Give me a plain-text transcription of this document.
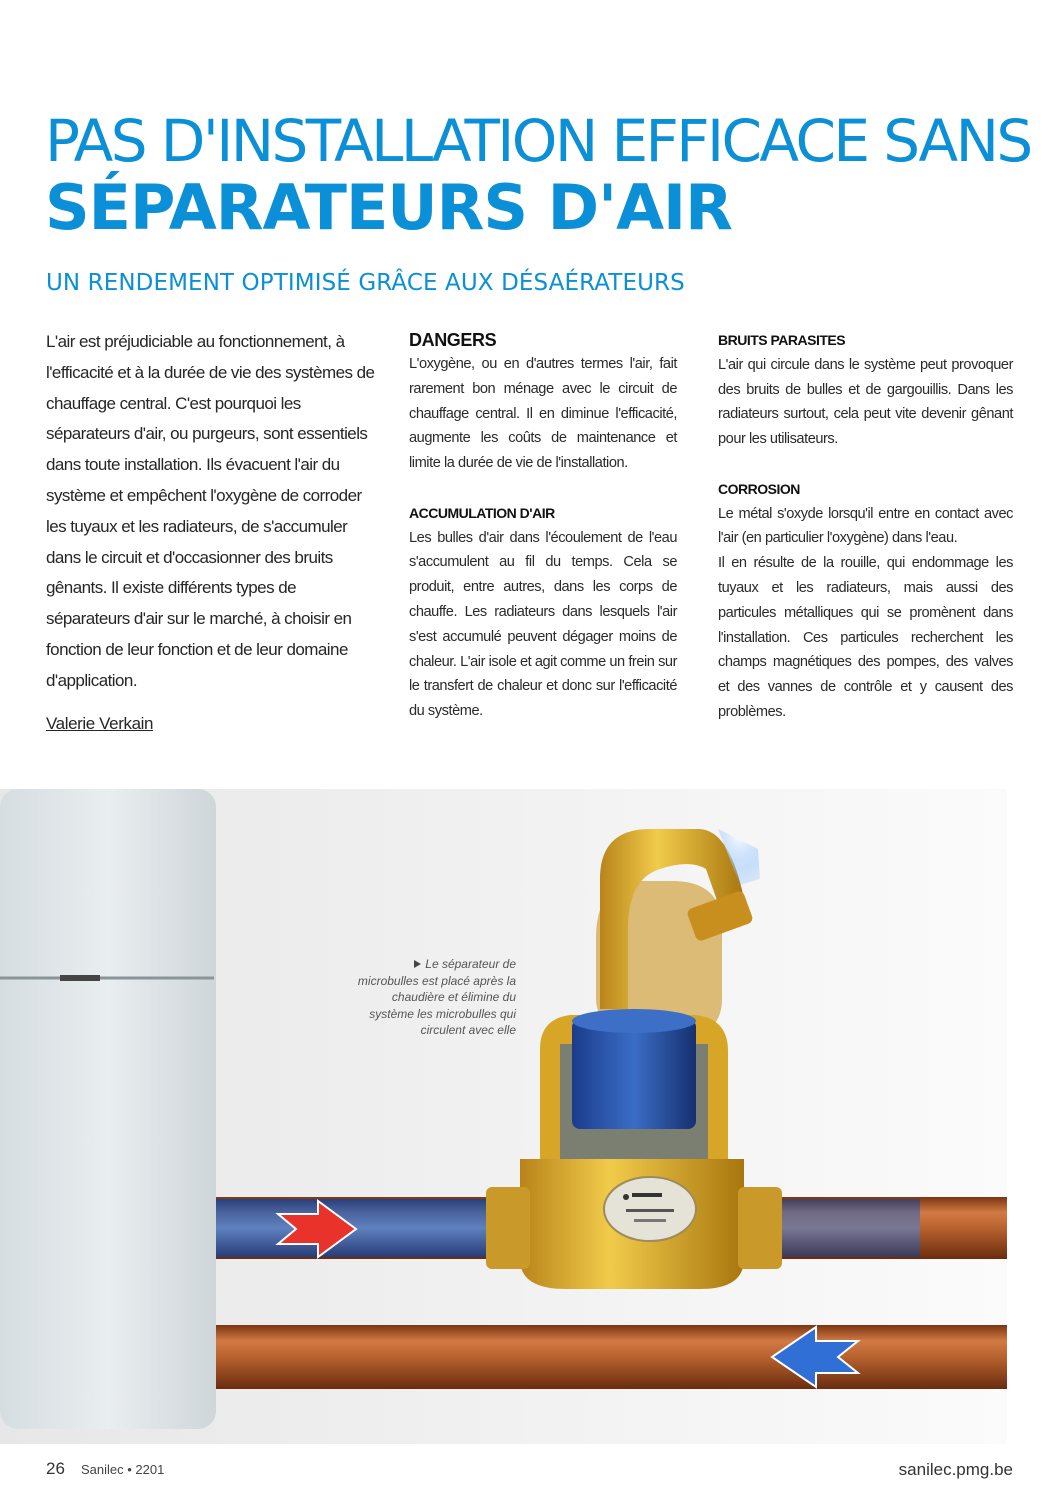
PAS D'INSTALLATION EFFICACE SANS
SÉPARATEURS D'AIR
UN RENDEMENT OPTIMISÉ GRÂCE AUX DÉSAÉRATEURS

L'air est préjudiciable au fonctionnement, à l'efficacité et à la durée de vie des systèmes de chauffage central. C'est pourquoi les séparateurs d'air, ou purgeurs, sont essentiels dans toute installation. Ils évacuent l'air du système et empêchent l'oxygène de corroder les tuyaux et les radiateurs, de s'accumuler dans le circuit et d'occasionner des bruits gênants. Il existe différents types de séparateurs d'air sur le marché, à choisir en fonction de leur fonction et de leur domaine d'application.

Valerie Verkain

DANGERS

L'oxygène, ou en d'autres termes l'air, fait rarement bon ménage avec le circuit de chauffage central. Il en diminue l'efficacité, augmente les coûts de maintenance et limite la durée de vie de l'installation.

ACCUMULATION D'AIR

Les bulles d'air dans l'écoulement de l'eau s'accumulent au fil du temps. Cela se produit, entre autres, dans les corps de chauffe. Les radiateurs dans lesquels l'air s'est accumulé peuvent dégager moins de chaleur. L'air isole et agit comme un frein sur le transfert de chaleur et donc sur l'efficacité du système.

BRUITS PARASITES

L'air qui circule dans le système peut provoquer des bruits de bulles et de gargouillis. Dans les radiateurs surtout, cela peut vite devenir gênant pour les utilisateurs.

CORROSION

Le métal s'oxyde lorsqu'il entre en contact avec l'air (en particulier l'oxygène) dans l'eau.

Il en résulte de la rouille, qui endommage les tuyaux et les radiateurs, mais aussi des particules métalliques qui se promènent dans l'installation. Ces particules recherchent les champs magnétiques des pompes, des valves et des vannes de contrôle et y causent des problèmes.

Le séparateur de microbulles est placé après la chaudière et élimine du système les microbulles qui circulent avec elle

26 Sanilec • 2201	sanilec.pmg.be
